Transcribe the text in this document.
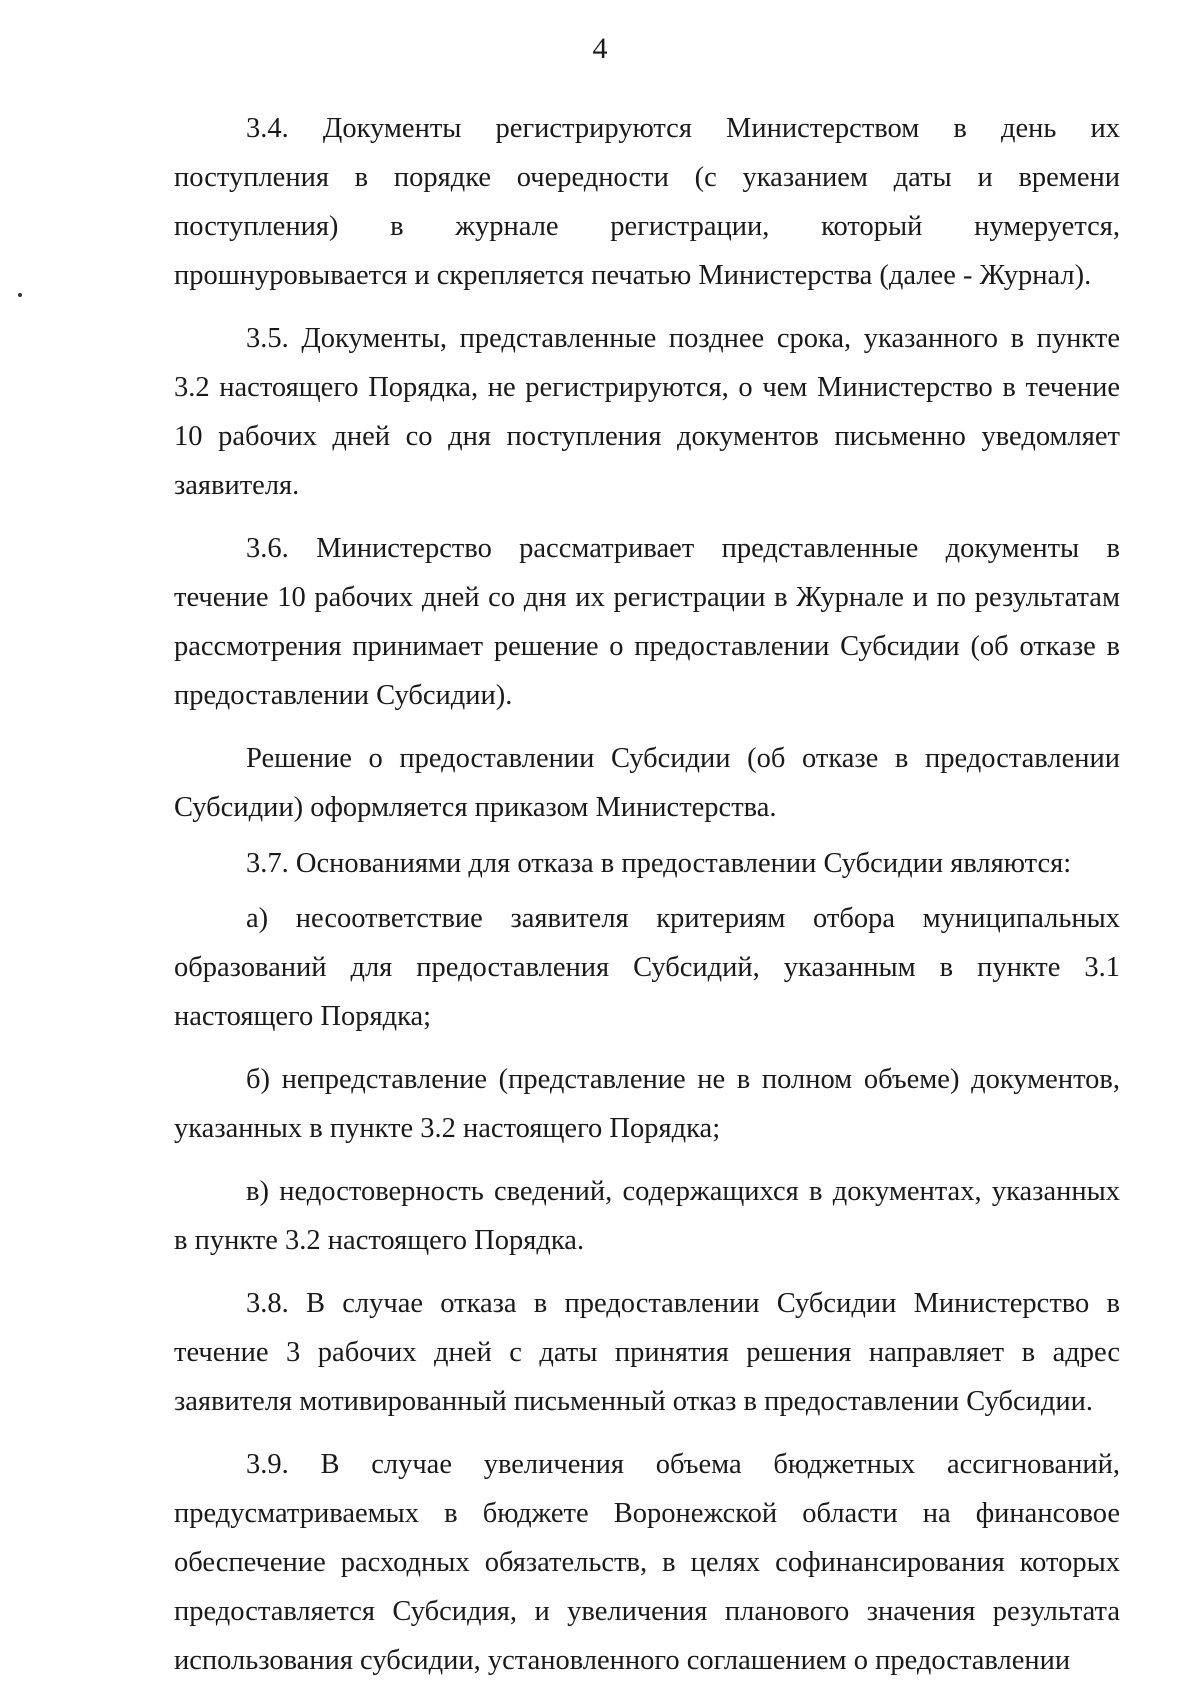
4

3.4. Документы регистрируются Министерством в день их поступления в порядке очередности (с указанием даты и времени поступления) в журнале регистрации, который нумеруется, прошнуровывается и скрепляется печатью Министерства (далее - Журнал).

3.5. Документы, представленные позднее срока, указанного в пункте 3.2 настоящего Порядка, не регистрируются, о чем Министерство в течение 10 рабочих дней со дня поступления документов письменно уведомляет заявителя.

3.6. Министерство рассматривает представленные документы в течение 10 рабочих дней со дня их регистрации в Журнале и по результатам рассмотрения принимает решение о предоставлении Субсидии (об отказе в предоставлении Субсидии).

Решение о предоставлении Субсидии (об отказе в предоставлении Субсидии) оформляется приказом Министерства.

3.7. Основаниями для отказа в предоставлении Субсидии являются:

а) несоответствие заявителя критериям отбора муниципальных образований для предоставления Субсидий, указанным в пункте 3.1 настоящего Порядка;

б) непредставление (представление не в полном объеме) документов, указанных в пункте 3.2 настоящего Порядка;

в) недостоверность сведений, содержащихся в документах, указанных в пункте 3.2 настоящего Порядка.

3.8. В случае отказа в предоставлении Субсидии Министерство в течение 3 рабочих дней с даты принятия решения направляет в адрес заявителя мотивированный письменный отказ в предоставлении Субсидии.

3.9. В случае увеличения объема бюджетных ассигнований, предусматриваемых в бюджете Воронежской области на финансовое обеспечение расходных обязательств, в целях софинансирования которых предоставляется Субсидия, и увеличения планового значения результата использования субсидии, установленного соглашением о предоставлении
